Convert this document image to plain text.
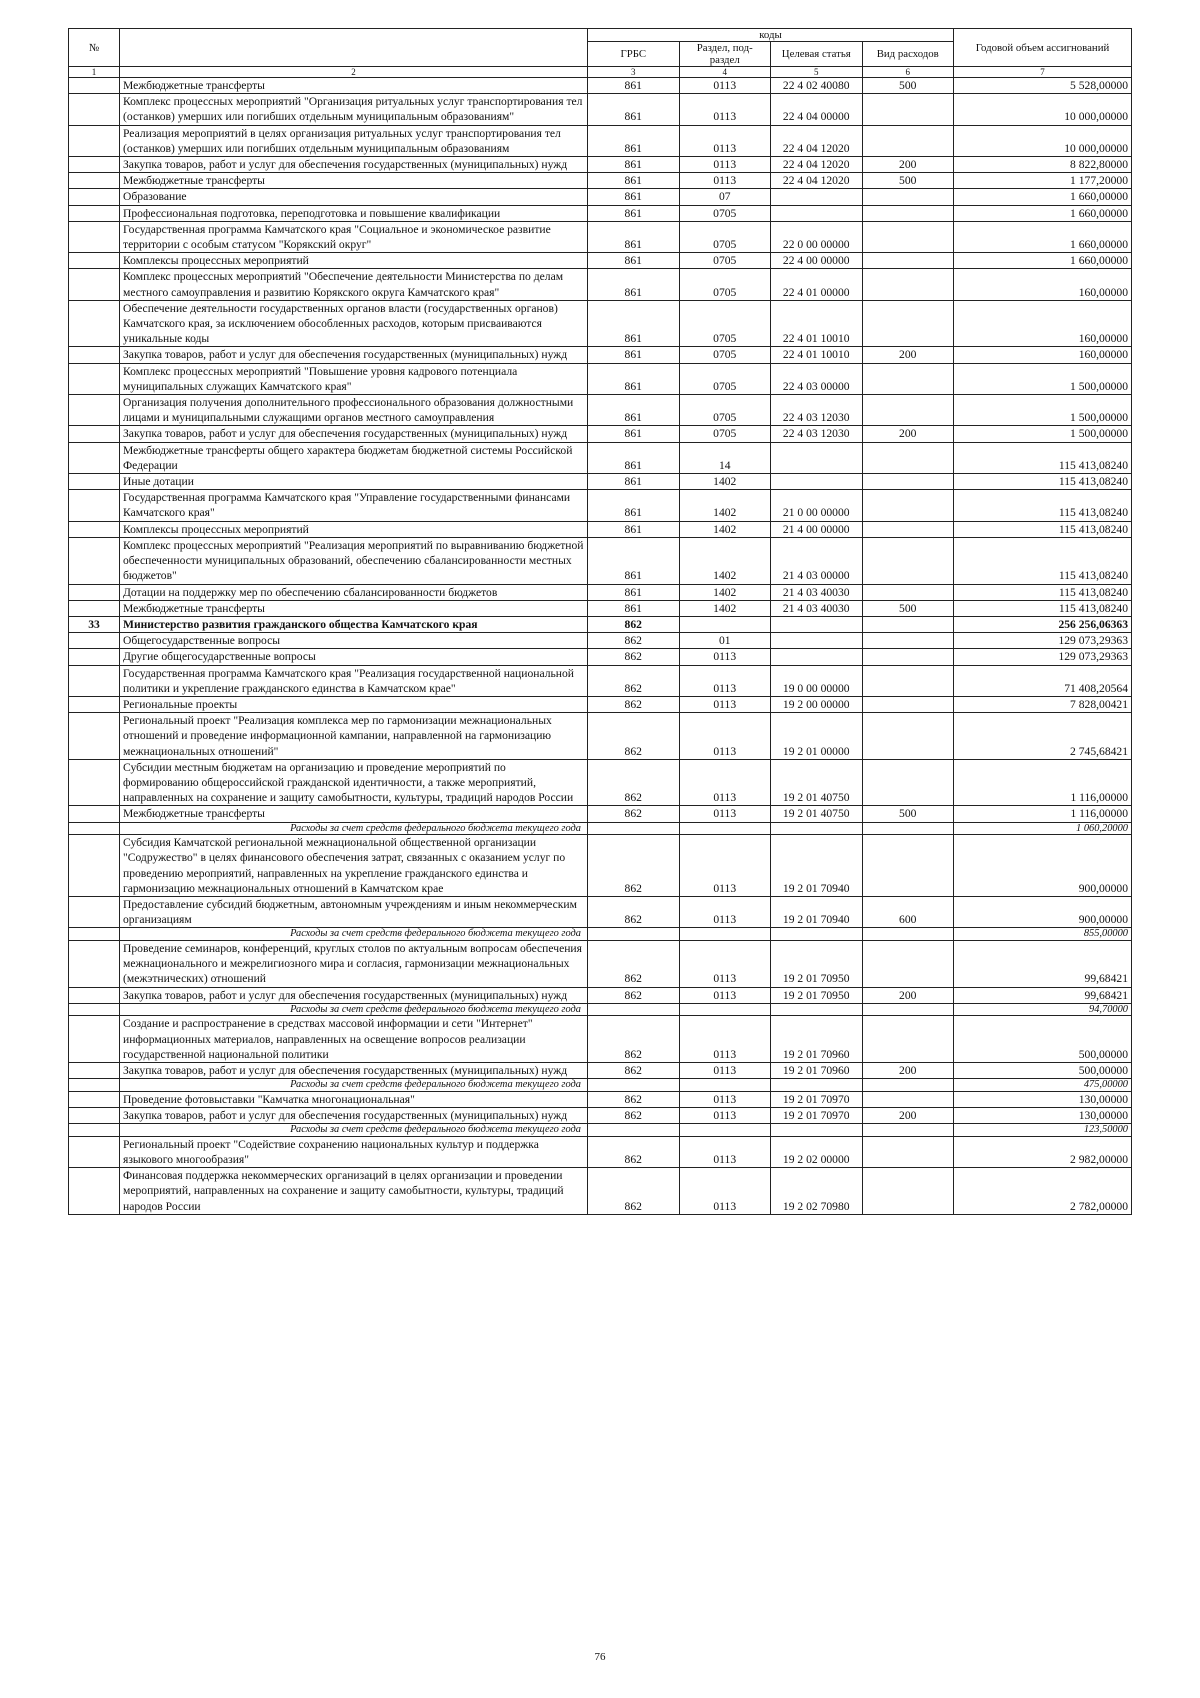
№		коды				Годовой объем ассигнований
		ГРБС	Раздел, под-раздел	Целевая статья	Вид расходов	
1	2	3	4	5	6	7
	Межбюджетные трансферты	861	0113	22 4 02 40080	500	5 528,00000
	Комплекс процессных мероприятий "Организация ритуальных услуг транспортирования тел (останков) умерших или погибших отдельным муниципальным образованиям"	861	0113	22 4 04 00000		10 000,00000
	Реализация мероприятий в целях организация ритуальных услуг транспортирования тел (останков) умерших или погибших отдельным муниципальным образованиям	861	0113	22 4 04 12020		10 000,00000
	Закупка товаров, работ и услуг для обеспечения государственных (муниципальных) нужд	861	0113	22 4 04 12020	200	8 822,80000
	Межбюджетные трансферты	861	0113	22 4 04 12020	500	1 177,20000
	Образование	861	07			1 660,00000
	Профессиональная подготовка, переподготовка и повышение квалификации	861	0705			1 660,00000
	Государственная программа Камчатского края "Социальное и экономическое развитие территории с особым статусом "Корякский округ"	861	0705	22 0 00 00000		1 660,00000
	Комплексы процессных мероприятий	861	0705	22 4 00 00000		1 660,00000
	Комплекс процессных мероприятий "Обеспечение деятельности Министерства по делам местного самоуправления и развитию Корякского округа Камчатского края"	861	0705	22 4 01 00000		160,00000
	Обеспечение деятельности государственных органов власти (государственных органов) Камчатского края, за исключением обособленных расходов, которым присваиваются уникальные коды	861	0705	22 4 01 10010		160,00000
	Закупка товаров, работ и услуг для обеспечения государственных (муниципальных) нужд	861	0705	22 4 01 10010	200	160,00000
	Комплекс процессных мероприятий "Повышение уровня кадрового потенциала муниципальных служащих Камчатского края"	861	0705	22 4 03 00000		1 500,00000
	Организация получения дополнительного профессионального образования должностными лицами и муниципальными служащими органов местного самоуправления	861	0705	22 4 03 12030		1 500,00000
	Закупка товаров, работ и услуг для обеспечения государственных (муниципальных) нужд	861	0705	22 4 03 12030	200	1 500,00000
	Межбюджетные трансферты общего характера бюджетам бюджетной системы Российской Федерации	861	14			115 413,08240
	Иные дотации	861	1402			115 413,08240
	Государственная программа Камчатского края "Управление государственными финансами Камчатского края"	861	1402	21 0 00 00000		115 413,08240
	Комплексы процессных мероприятий	861	1402	21 4 00 00000		115 413,08240
	Комплекс процессных мероприятий "Реализация мероприятий по выравниванию бюджетной обеспеченности муниципальных образований, обеспечению сбалансированности местных бюджетов"	861	1402	21 4 03 00000		115 413,08240
	Дотации на поддержку мер по обеспечению сбалансированности бюджетов	861	1402	21 4 03 40030		115 413,08240
	Межбюджетные трансферты	861	1402	21 4 03 40030	500	115 413,08240
33	Министерство развития гражданского общества Камчатского края	862				256 256,06363
	Общегосударственные вопросы	862	01			129 073,29363
	Другие общегосударственные вопросы	862	0113			129 073,29363
	Государственная программа Камчатского края "Реализация государственной национальной политики и укрепление гражданского единства в Камчатском крае"	862	0113	19 0 00 00000		71 408,20564
	Региональные проекты	862	0113	19 2 00 00000		7 828,00421
	Региональный проект "Реализация комплекса мер по гармонизации межнациональных отношений и проведение информационной кампании, направленной на гармонизацию межнациональных отношений"	862	0113	19 2 01 00000		2 745,68421
	Субсидии местным бюджетам на организацию и проведение мероприятий по формированию общероссийской гражданской идентичности, а также мероприятий, направленных на сохранение и защиту самобытности, культуры, традиций народов России	862	0113	19 2 01 40750		1 116,00000
	Межбюджетные трансферты	862	0113	19 2 01 40750	500	1 116,00000
	Расходы за счет средств федерального бюджета текущего года					1 060,20000
	Субсидия Камчатской региональной межнациональной общественной организации "Содружество" в целях финансового обеспечения затрат, связанных с оказанием услуг по проведению мероприятий, направленных на укрепление гражданского единства и гармонизацию межнациональных отношений в Камчатском крае	862	0113	19 2 01 70940		900,00000
	Предоставление субсидий бюджетным, автономным учреждениям и иным некоммерческим организациям	862	0113	19 2 01 70940	600	900,00000
	Расходы за счет средств федерального бюджета текущего года					855,00000
	Проведение семинаров, конференций, круглых столов по актуальным вопросам обеспечения межнационального и межрелигиозного мира и согласия, гармонизации межнациональных (межэтнических) отношений	862	0113	19 2 01 70950		99,68421
	Закупка товаров, работ и услуг для обеспечения государственных (муниципальных) нужд	862	0113	19 2 01 70950	200	99,68421
	Расходы за счет средств федерального бюджета текущего года					94,70000
	Создание и распространение в средствах массовой информации и сети "Интернет" информационных материалов, направленных на освещение вопросов реализации государственной национальной политики	862	0113	19 2 01 70960		500,00000
	Закупка товаров, работ и услуг для обеспечения государственных (муниципальных) нужд	862	0113	19 2 01 70960	200	500,00000
	Расходы за счет средств федерального бюджета текущего года					475,00000
	Проведение фотовыставки "Камчатка многонациональная"	862	0113	19 2 01 70970		130,00000
	Закупка товаров, работ и услуг для обеспечения государственных (муниципальных) нужд	862	0113	19 2 01 70970	200	130,00000
	Расходы за счет средств федерального бюджета текущего года					123,50000
	Региональный проект "Содействие сохранению национальных культур и поддержка языкового многообразия"	862	0113	19 2 02 00000		2 982,00000
	Финансовая поддержка некоммерческих организаций в целях организации и проведении мероприятий, направленных на сохранение и защиту самобытности, культуры, традиций народов России	862	0113	19 2 02 70980		2 782,00000
76
